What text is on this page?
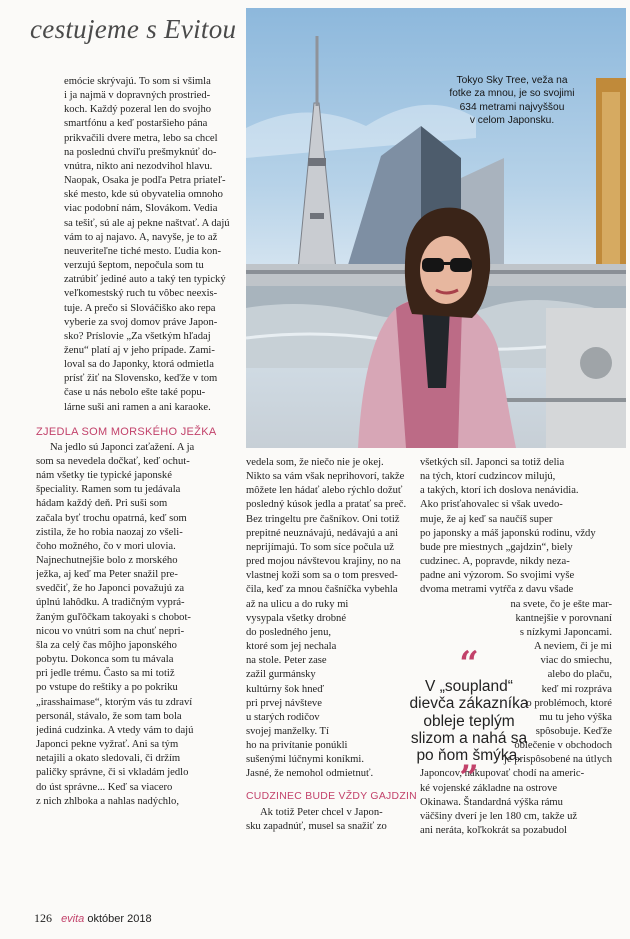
cestujeme s Evitou
Tokyo Sky Tree, veža na
fotke za mnou, je so svojimi
634 metrami najvyššou
v celom Japonsku.
emócie skrývajú. To som si všimla
i ja najmä v dopravných prostried-
koch. Každý pozeral len do svojho
smartfónu a keď postaršieho pána
prikvačili dvere metra, lebo sa chcel
na poslednú chvíľu prešmyknúť do-
vnútra, nikto ani nezodvihol hlavu.
Naopak, Osaka je podľa Petra priateľ-
ské mesto, kde sú obyvatelia omnoho
viac podobní nám, Slovákom. Vedia
sa tešiť, sú ale aj pekne naštvať. A dajú
vám to aj najavo. A, navyše, je to až
neuveriteľne tiché mesto. Ľudia kon-
verzujú šeptom, nepočula som tu
zatrúbiť jediné auto a taký ten typický
veľkomestský ruch tu vôbec neexis-
tuje. A prečo si Slováčiško ako repa
vyberie za svoj domov práve Japon-
sko? Príslovie „Za všetkým hľadaj
ženu“ platí aj v jeho prípade. Zami-
loval sa do Japonky, ktorá odmietla
prísť žiť na Slovensko, keďže v tom
čase u nás nebolo ešte také popu-
lárne suši ani ramen a ani karaoke.
ZJEDLA SOM MORSKÉHO JEŽKA
Na jedlo sú Japonci zaťažení. A ja
som sa nevedela dočkať, keď ochut-
nám všetky tie typické japonské
špeciality. Ramen som tu jedávala
hádam každý deň. Pri suši som
začala byť trochu opatrná, keď som
zistila, že ho robia naozaj zo všeli-
čoho možného, čo v mori ulovia.
Najnechutnejšie bolo z morského
ježka, aj keď ma Peter snažil pre-
svedčiť, že ho Japonci považujú za
úplnú lahôdku. A tradičným vyprá-
žaným guľôčkam takoyaki s chobot-
nicou vo vnútri som na chuť nepri-
šla za celý čas môjho japonského
pobytu. Dokonca som tu mávala
pri jedle trému. Často sa mi totiž
po vstupe do reštiky a po pokriku
„irasshaimase“, ktorým vás tu zdraví
personál, stávalo, že som tam bola
jediná cudzinka. A vtedy vám to dajú
Japonci pekne vyžrať. Ani sa tým
netajili a okato sledovali, či držím
paličky správne, či si vkladám jedlo
do úst správne... Keď sa viacero
z nich zhlboka a nahlas nadýchlo,
vedela som, že niečo nie je okej.
Nikto sa vám však neprihovorí, takže
môžete len hádať alebo rýchlo dožuť
posledný kúsok jedla a pratať sa preč.
Bez tringeltu pre čašníkov. Oni totiž
prepitné neuznávajú, nedávajú a ani
neprijímajú. To som síce počula už
pred mojou návštevou krajiny, no na
vlastnej koži som sa o tom presved-
čila, keď za mnou čašníčka vybehla
až na ulicu a do ruky mi
vysypala všetky drobné
do posledného jenu,
ktoré som jej nechala
na stole. Peter zase
zažil gurmánsky
kultúrny šok hneď
pri prvej návšteve
u starých rodičov
svojej manželky. Tí
ho na privítanie ponúkli
sušenými lúčnymi koníkmi.
Jasné, že nemohol odmietnuť.
CUDZINEC BUDE VŽDY GAJDZIN
Ak totiž Peter chcel v Japon-
sku zapadnúť, musel sa snažiť zo
všetkých síl. Japonci sa totiž delia
na tých, ktorí cudzincov milujú,
a takých, ktorí ich doslova nenávidia.
Ako prisťahovalec si však uvedo-
muje, že aj keď sa naučíš super
po japonsky a máš japonskú rodinu, vždy
bude pre miestnych „gajdzin“, biely
cudzinec. A, popravde, nikdy neza-
padne ani výzorom. So svojimi vyše
dvoma metrami vytŕča z davu všade
na svete, čo je ešte mar-
kantnejšie v porovnaní
s nízkymi Japoncami.
A neviem, či je mi
viac do smiechu,
alebo do plaču,
keď mi rozpráva
o problémoch, ktoré
mu tu jeho výška
spôsobuje. Keďže
oblečenie v obchodoch
je prispôsobené na útlych
Japoncov, nakupovať chodí na americ-
ké vojenské základne na ostrove
Okinawa. Štandardná výška rámu
väčšiny dverí je len 180 cm, takže už
ani neráta, koľkokrát sa pozabudol
“
V „soupland“
dievča zákazníka
obleje teplým
slizom a nahá sa
po ňom šmýka.
”
126 evita október 2018
